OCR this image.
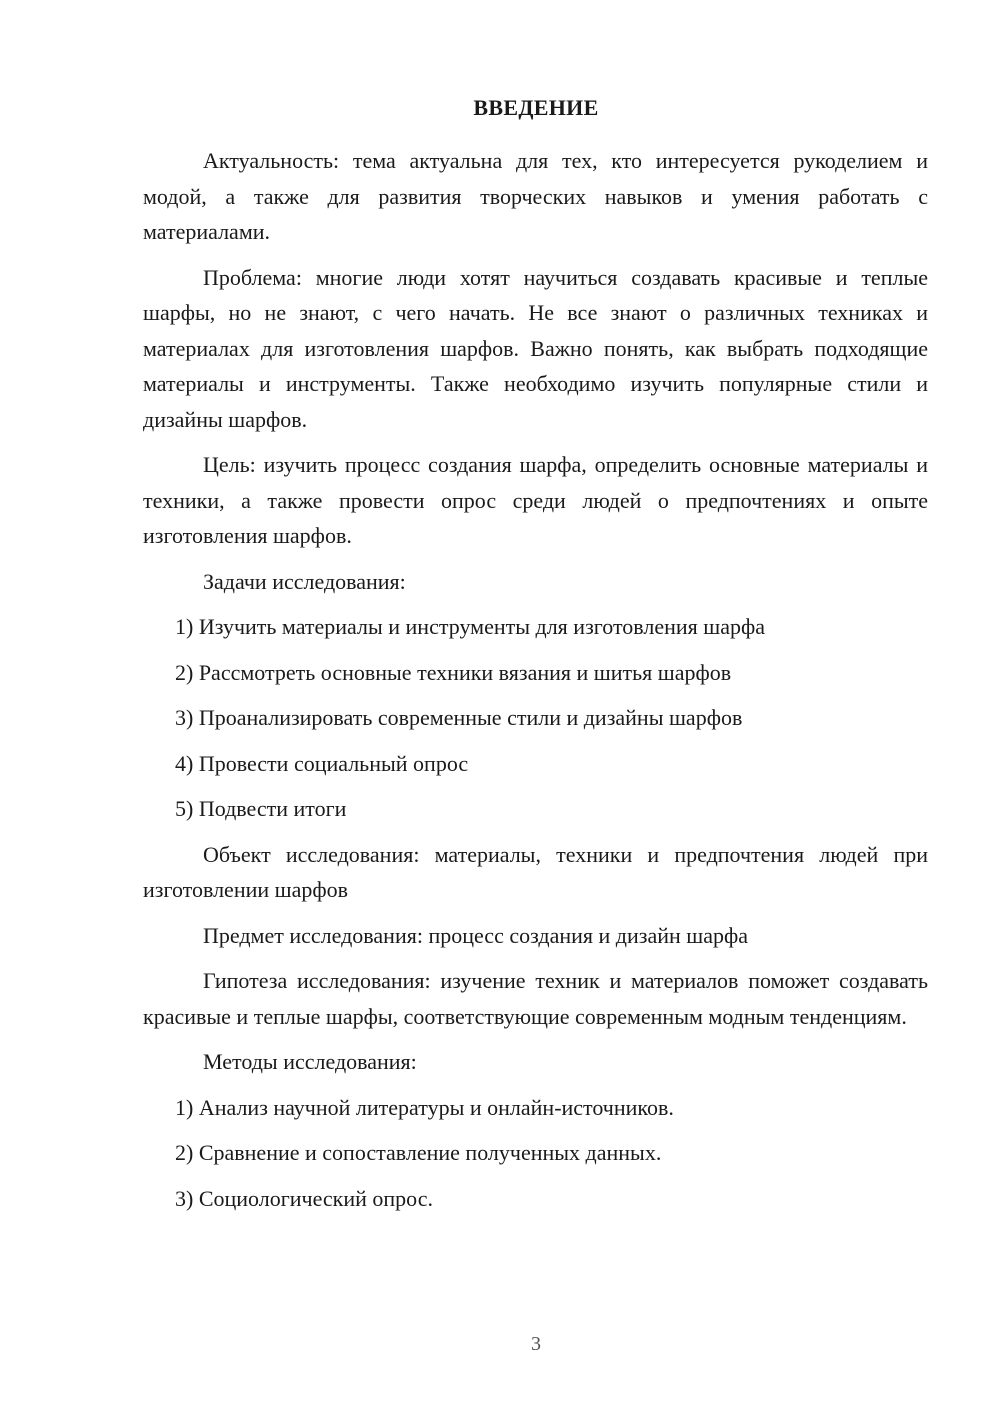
ВВЕДЕНИЕ

Актуальность: тема актуальна для тех, кто интересуется рукоделием и модой, а также для развития творческих навыков и умения работать с материалами.

Проблема: многие люди хотят научиться создавать красивые и теплые шарфы, но не знают, с чего начать. Не все знают о различных техниках и материалах для изготовления шарфов. Важно понять, как выбрать подходящие материалы и инструменты. Также необходимо изучить популярные стили и дизайны шарфов.

Цель: изучить процесс создания шарфа, определить основные материалы и техники, а также провести опрос среди людей о предпочтениях и опыте изготовления шарфов.

Задачи исследования:

1) Изучить материалы и инструменты для изготовления шарфа

2) Рассмотреть основные техники вязания и шитья шарфов

3) Проанализировать современные стили и дизайны шарфов

4) Провести социальный опрос

5) Подвести итоги

Объект исследования: материалы, техники и предпочтения людей при изготовлении шарфов

Предмет исследования: процесс создания и дизайн шарфа

Гипотеза исследования: изучение техник и материалов поможет создавать красивые и теплые шарфы, соответствующие современным модным тенденциям.

Методы исследования:

1) Анализ научной литературы и онлайн-источников.

2) Сравнение и сопоставление полученных данных.

3) Социологический опрос.

3
